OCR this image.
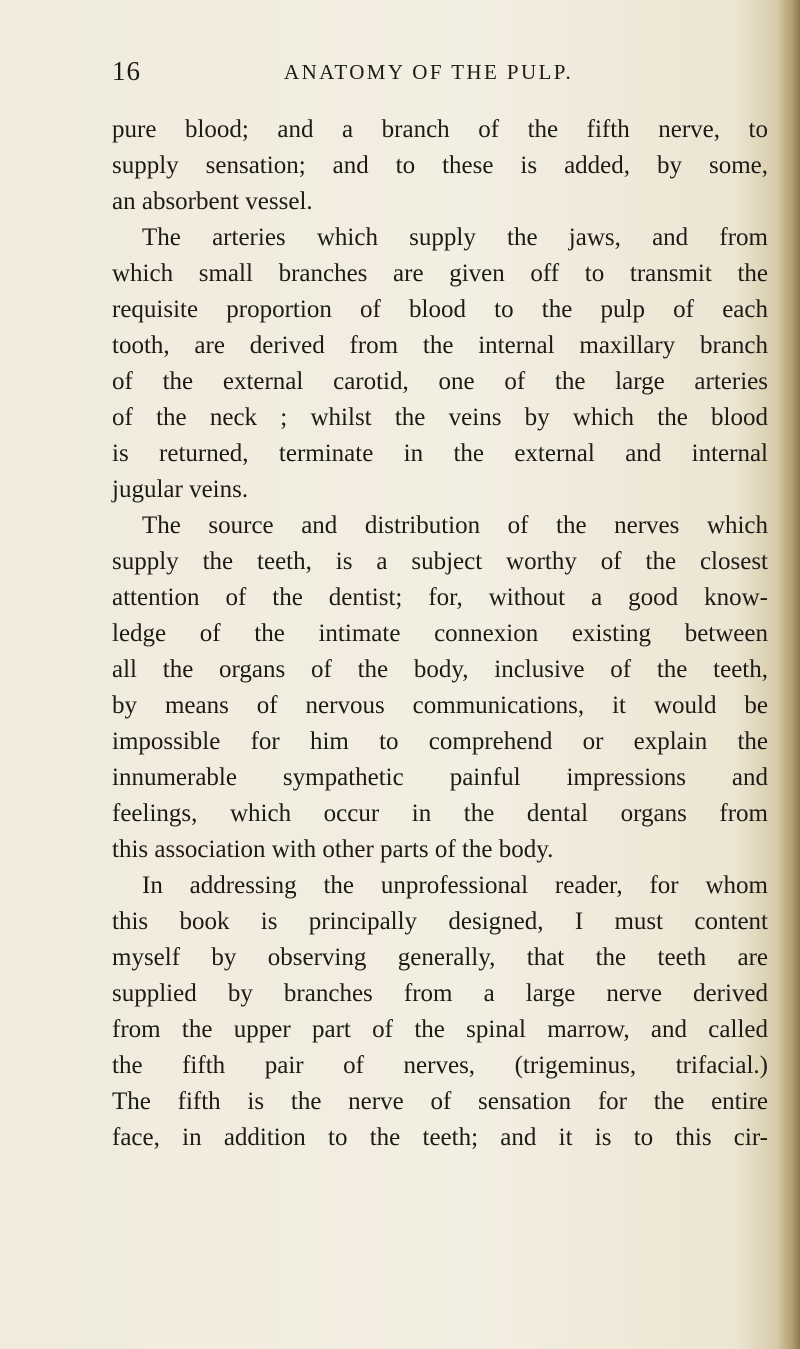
16	ANATOMY OF THE PULP.
pure blood; and a branch of the fifth nerve, to
supply sensation; and to these is added, by some,
an absorbent vessel.
The arteries which supply the jaws, and from
which small branches are given off to transmit the
requisite proportion of blood to the pulp of each
tooth, are derived from the internal maxillary branch
of the external carotid, one of the large arteries
of the neck ; whilst the veins by which the blood
is returned, terminate in the external and internal
jugular veins.
The source and distribution of the nerves which
supply the teeth, is a subject worthy of the closest
attention of the dentist; for, without a good know-
ledge of the intimate connexion existing between
all the organs of the body, inclusive of the teeth,
by means of nervous communications, it would be
impossible for him to comprehend or explain the
innumerable sympathetic painful impressions and
feelings, which occur in the dental organs from
this association with other parts of the body.
In addressing the unprofessional reader, for whom
this book is principally designed, I must content
myself by observing generally, that the teeth are
supplied by branches from a large nerve derived
from the upper part of the spinal marrow, and called
the fifth pair of nerves, (trigeminus, trifacial.)
The fifth is the nerve of sensation for the entire
face, in addition to the teeth; and it is to this cir-
